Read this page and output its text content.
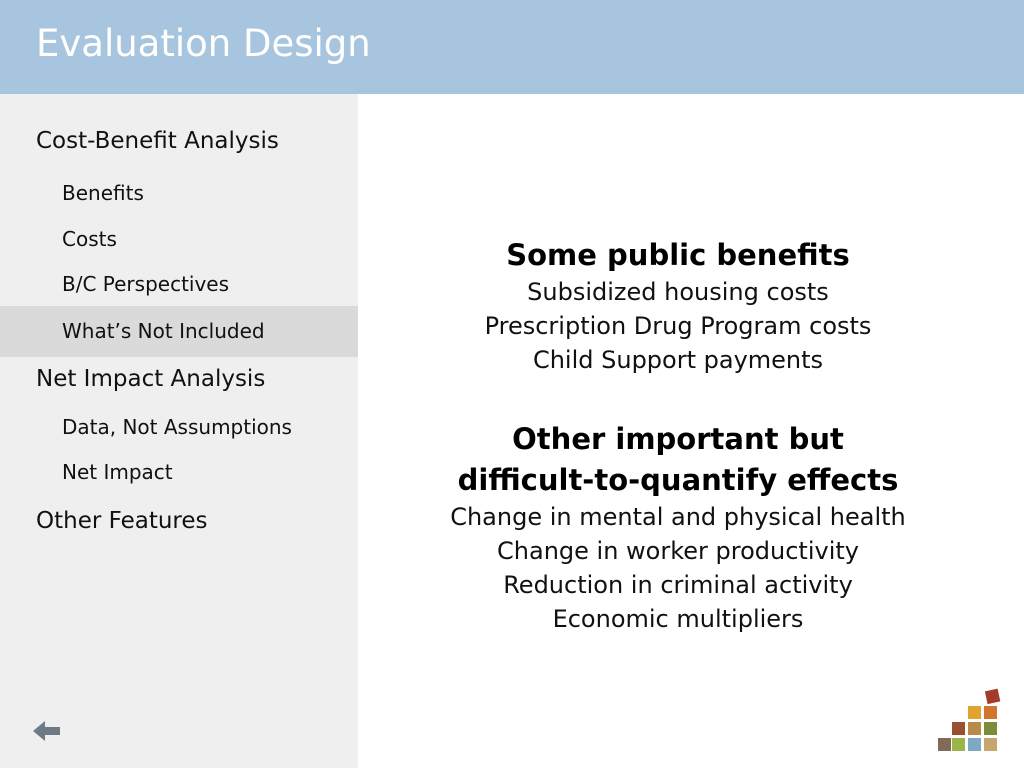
Evaluation Design
Cost-Benefit Analysis
Benefits
Costs
B/C Perspectives
What’s Not Included
Net Impact Analysis
Data, Not Assumptions
Net Impact
Other Features
Some public benefits
Subsidized housing costs
Prescription Drug Program costs
Child Support payments
Other important but
difficult-to-quantify effects
Change in mental and physical health
Change in worker productivity
Reduction in criminal activity
Economic multipliers
